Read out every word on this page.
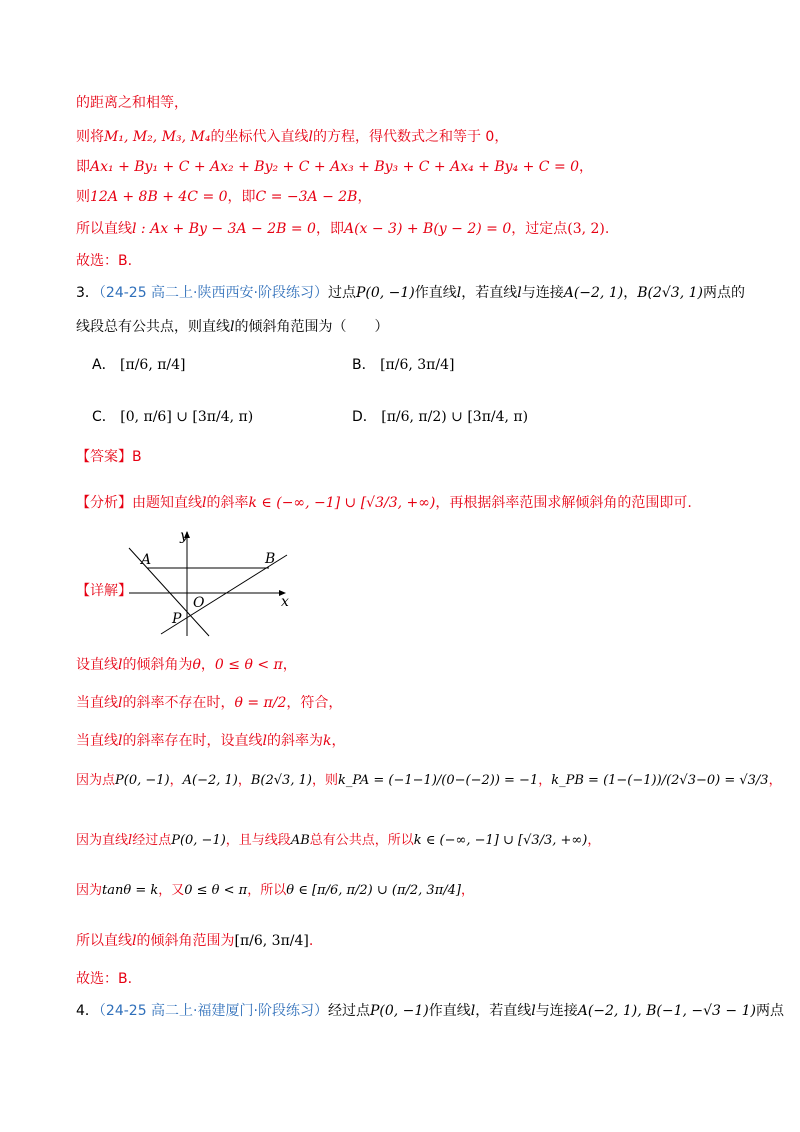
的距离之和相等，
则将M₁, M₂, M₃, M₄的坐标代入直线l的方程，得代数式之和等于 0，
即Ax₁ + By₁ + C + Ax₂ + By₂ + C + Ax₃ + By₃ + C + Ax₄ + By₄ + C = 0，
则12A + 8B + 4C = 0，即C = −3A − 2B，
所以直线l : Ax + By − 3A − 2B = 0，即A(x − 3) + B(y − 2) = 0，过定点(3, 2).
故选：B.
3．（24-25 高二上·陕西西安·阶段练习）过点P(0, −1)作直线l，若直线l与连接A(−2, 1)，B(2√3, 1)两点的
线段总有公共点，则直线l的倾斜角范围为（　　）
A． [π/6, π/4]	B． [π/6, 3π/4]
C． [0, π/6] ∪ [3π/4, π)	D． [π/6, π/2) ∪ [3π/4, π)
【答案】B
【分析】由题知直线l的斜率k ∈ (−∞, −1] ∪ [√3/3, +∞)，再根据斜率范围求解倾斜角的范围即可.
【详解】
y
x
A	B
O
P
设直线l的倾斜角为θ，0 ≤ θ < π，
当直线l的斜率不存在时，θ = π/2，符合，
当直线l的斜率存在时，设直线l的斜率为k，
因为点P(0, −1)，A(−2, 1)，B(2√3, 1)，则k_PA = (−1−1)/(0−(−2)) = −1，k_PB = (1−(−1))/(2√3−0) = √3/3，
因为直线l经过点P(0, −1)，且与线段AB总有公共点，所以k ∈ (−∞, −1] ∪ [√3/3, +∞)，
因为tanθ = k，又0 ≤ θ < π，所以θ ∈ [π/6, π/2) ∪ (π/2, 3π/4]，
所以直线l的倾斜角范围为[π/6, 3π/4].
故选：B.
4．（24-25 高二上·福建厦门·阶段练习）经过点P(0, −1)作直线l，若直线l与连接A(−2, 1), B(−1, −√3 − 1)两点
